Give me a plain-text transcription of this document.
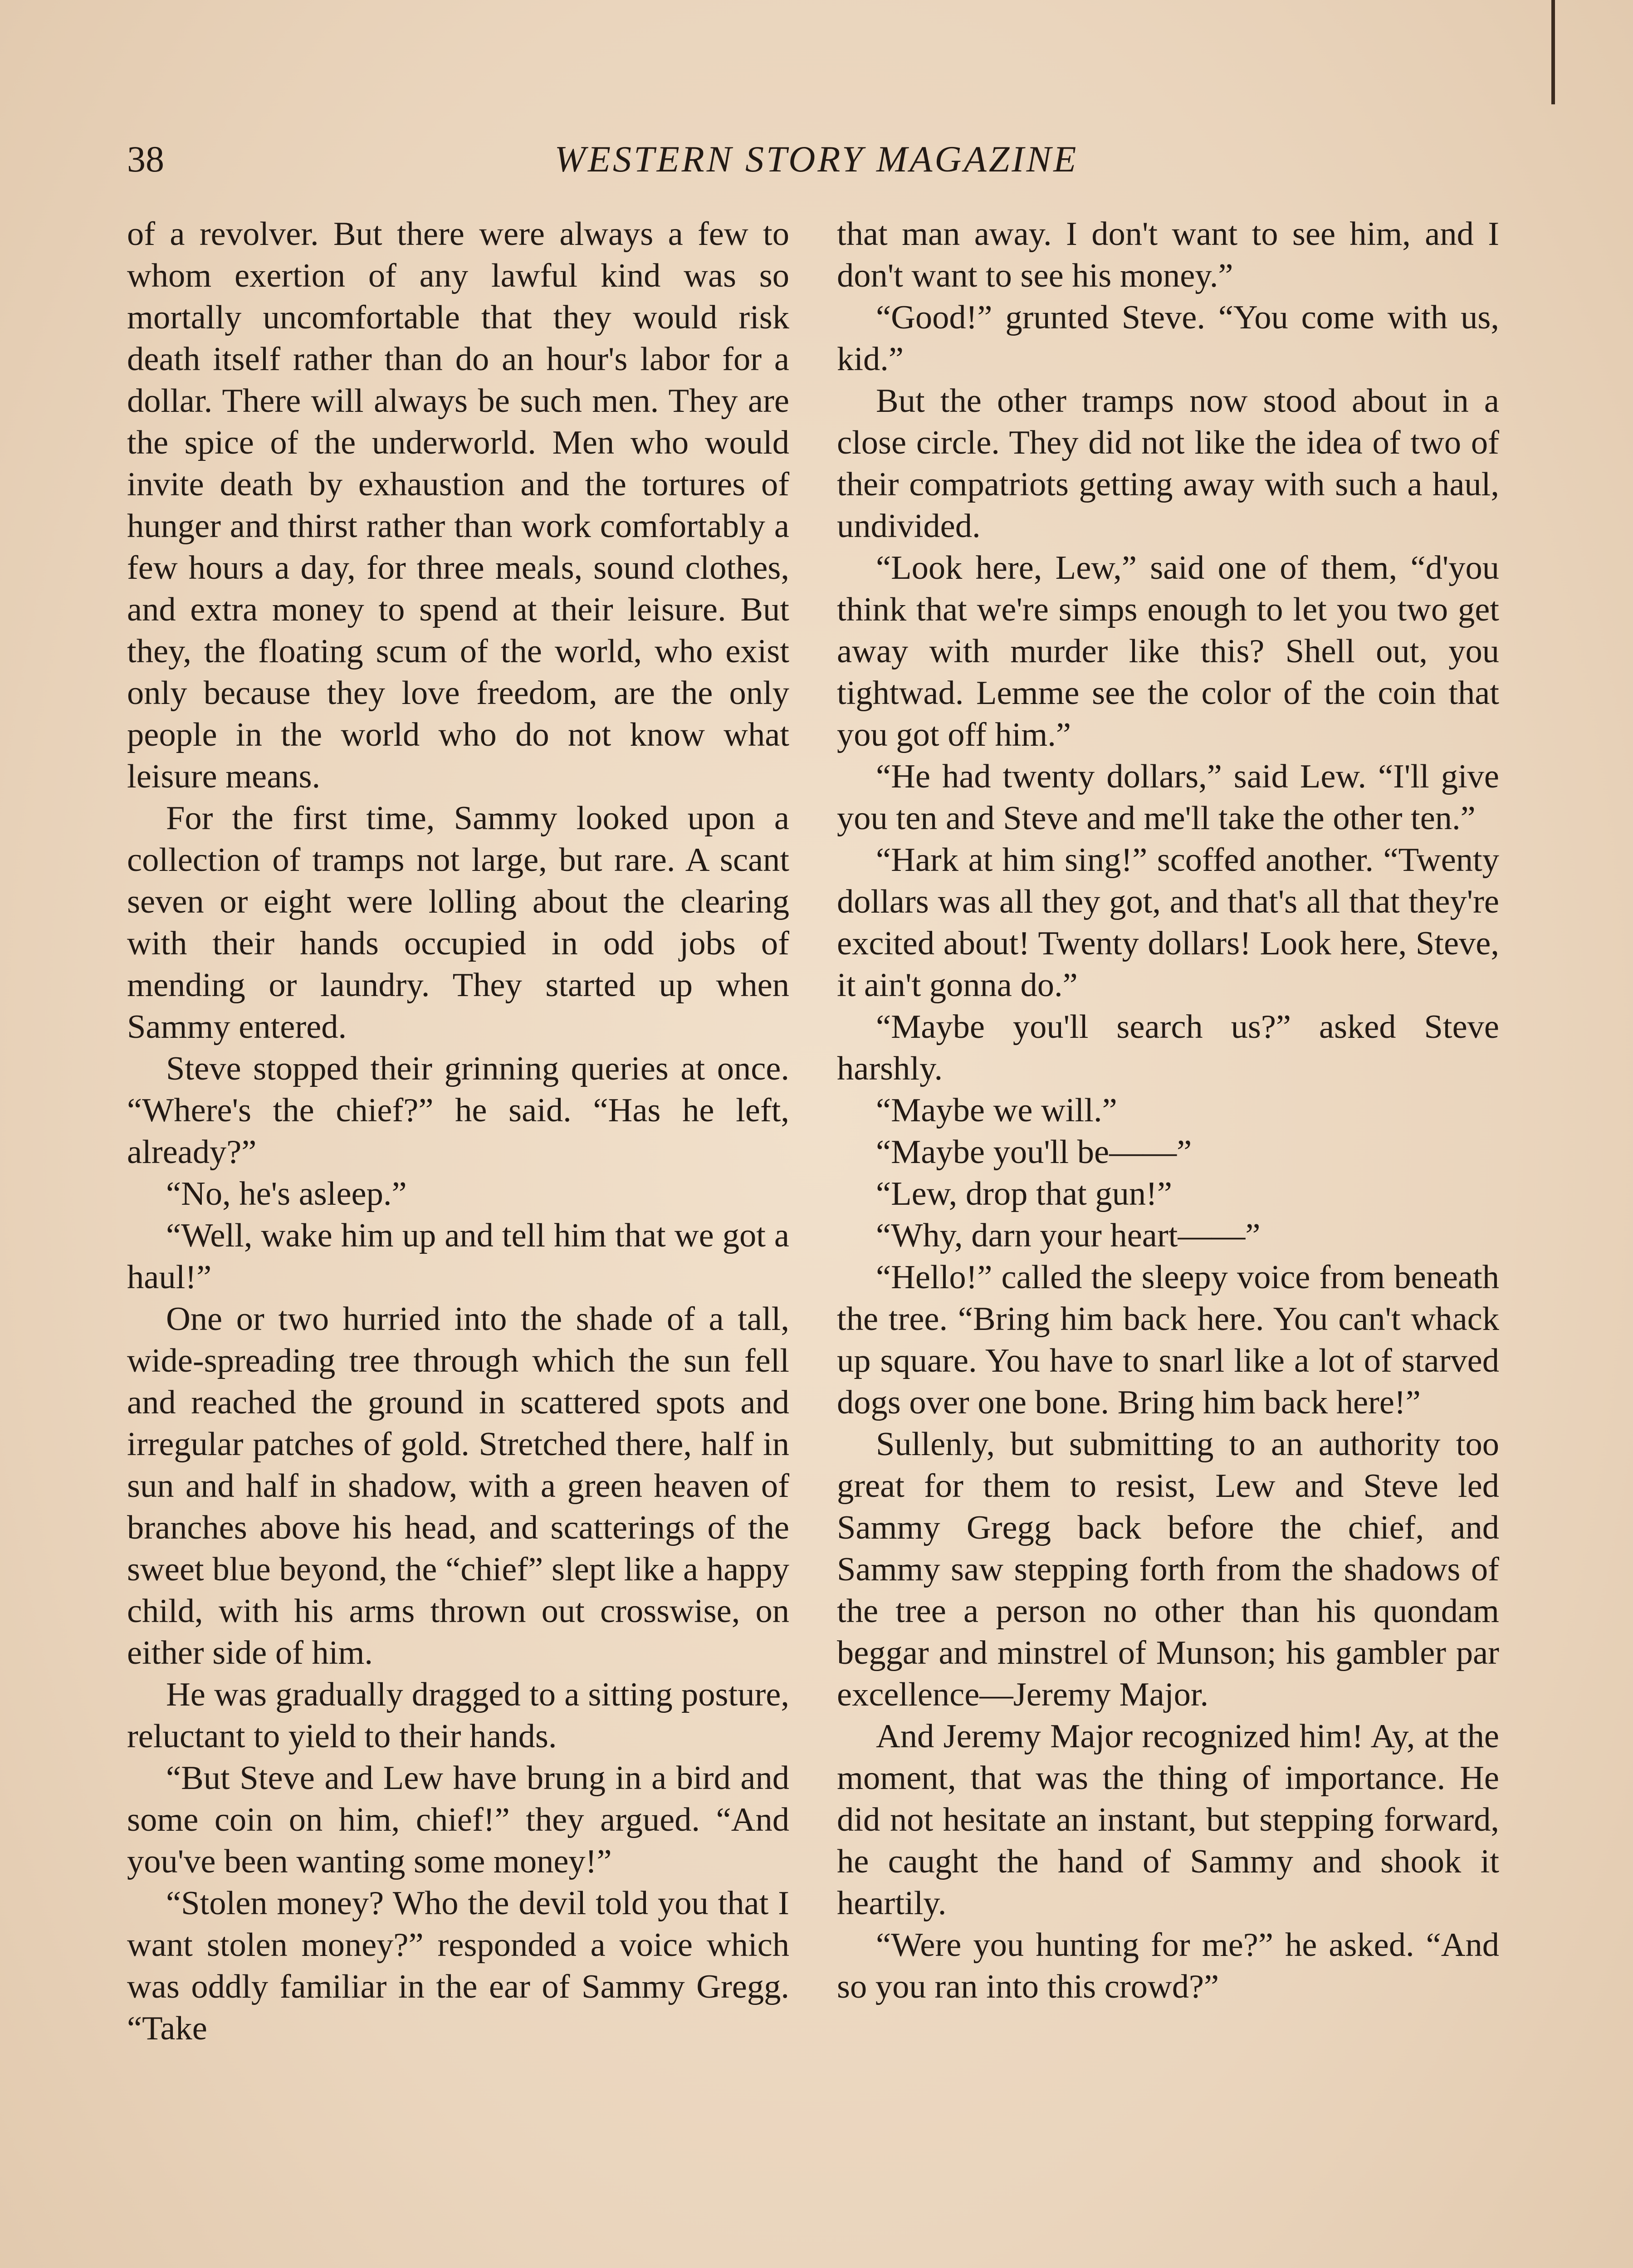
38	WESTERN STORY MAGAZINE

of a revolver. But there were always a few to whom exertion of any lawful kind was so mortally uncomfortable that they would risk death itself rather than do an hour's labor for a dollar. There will always be such men. They are the spice of the underworld. Men who would invite death by exhaustion and the tortures of hunger and thirst rather than work comfortably a few hours a day, for three meals, sound clothes, and extra money to spend at their leisure. But they, the floating scum of the world, who exist only because they love freedom, are the only people in the world who do not know what leisure means.

For the first time, Sammy looked upon a collection of tramps not large, but rare. A scant seven or eight were lolling about the clearing with their hands occupied in odd jobs of mending or laundry. They started up when Sammy entered.

Steve stopped their grinning queries at once. “Where's the chief?” he said. “Has he left, already?”

“No, he's asleep.”

“Well, wake him up and tell him that we got a haul!”

One or two hurried into the shade of a tall, wide-spreading tree through which the sun fell and reached the ground in scattered spots and irregular patches of gold. Stretched there, half in sun and half in shadow, with a green heaven of branches above his head, and scatterings of the sweet blue beyond, the “chief” slept like a happy child, with his arms thrown out crosswise, on either side of him.

He was gradually dragged to a sitting posture, reluctant to yield to their hands.

“But Steve and Lew have brung in a bird and some coin on him, chief!” they argued. “And you've been wanting some money!”

“Stolen money? Who the devil told you that I want stolen money?” responded a voice which was oddly familiar in the ear of Sammy Gregg. “Take

that man away. I don't want to see him, and I don't want to see his money.”

“Good!” grunted Steve. “You come with us, kid.”

But the other tramps now stood about in a close circle. They did not like the idea of two of their compatriots getting away with such a haul, undivided.

“Look here, Lew,” said one of them, “d'you think that we're simps enough to let you two get away with murder like this? Shell out, you tightwad. Lemme see the color of the coin that you got off him.”

“He had twenty dollars,” said Lew. “I'll give you ten and Steve and me'll take the other ten.”

“Hark at him sing!” scoffed another. “Twenty dollars was all they got, and that's all that they're excited about! Twenty dollars! Look here, Steve, it ain't gonna do.”

“Maybe you'll search us?” asked Steve harshly.

“Maybe we will.”

“Maybe you'll be——”

“Lew, drop that gun!”

“Why, darn your heart——”

“Hello!” called the sleepy voice from beneath the tree. “Bring him back here. You can't whack up square. You have to snarl like a lot of starved dogs over one bone. Bring him back here!”

Sullenly, but submitting to an authority too great for them to resist, Lew and Steve led Sammy Gregg back before the chief, and Sammy saw stepping forth from the shadows of the tree a person no other than his quondam beggar and minstrel of Munson; his gambler par excellence—Jeremy Major.

And Jeremy Major recognized him! Ay, at the moment, that was the thing of importance. He did not hesitate an instant, but stepping forward, he caught the hand of Sammy and shook it heartily.

“Were you hunting for me?” he asked. “And so you ran into this crowd?”
